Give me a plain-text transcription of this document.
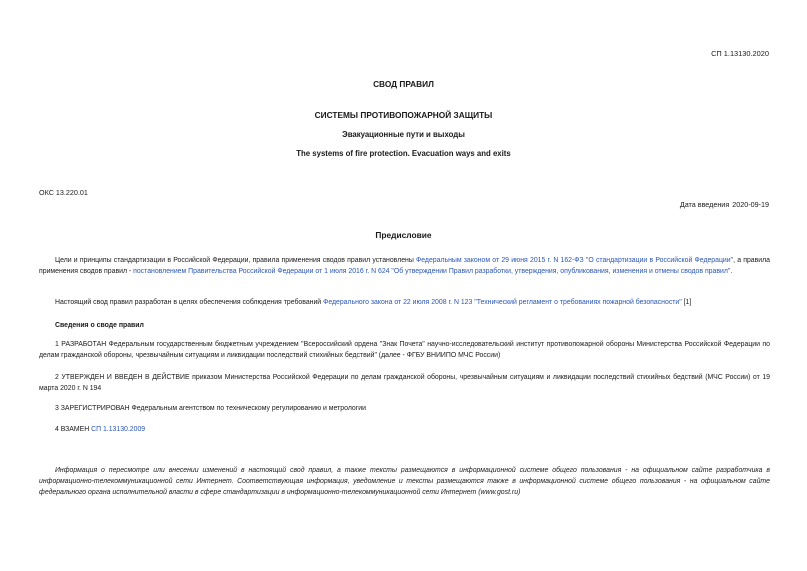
СП 1.13130.2020
СВОД ПРАВИЛ
СИСТЕМЫ ПРОТИВОПОЖАРНОЙ ЗАЩИТЫ
Эвакуационные пути и выходы
The systems of fire protection. Evacuation ways and exits
ОКС 13.220.01
Дата введения 2020-09-19
Предисловие
Цели и принципы стандартизации в Российской Федерации, правила применения сводов правил установлены Федеральным законом от 29 июня 2015 г. N 162-ФЗ "О стандартизации в Российской Федерации", а правила применения сводов правил - постановлением Правительства Российской Федерации от 1 июля 2016 г. N 624 "Об утверждении Правил разработки, утверждения, опубликования, изменения и отмены сводов правил".
Настоящий свод правил разработан в целях обеспечения соблюдения требований Федерального закона от 22 июля 2008 г. N 123 "Технический регламент о требованиях пожарной безопасности" [1]
Сведения о своде правил
1 РАЗРАБОТАН Федеральным государственным бюджетным учреждением "Всероссийский ордена "Знак Почета" научно-исследовательский институт противопожарной обороны Министерства Российской Федерации по делам гражданской обороны, чрезвычайным ситуациям и ликвидации последствий стихийных бедствий" (далее - ФГБУ ВНИИПО МЧС России)
2 УТВЕРЖДЕН И ВВЕДЕН В ДЕЙСТВИЕ приказом Министерства Российской Федерации по делам гражданской обороны, чрезвычайным ситуациям и ликвидации последствий стихийных бедствий (МЧС России) от 19 марта 2020 г. N 194
3 ЗАРЕГИСТРИРОВАН Федеральным агентством по техническому регулированию и метрологии
4 ВЗАМЕН СП 1.13130.2009
Информация о пересмотре или внесении изменений в настоящий свод правил, а также тексты размещаются в информационной системе общего пользования - на официальном сайте разработчика в информационно-телекоммуникационной сети Интернет. Соответствующая информация, уведомление и тексты размещаются также в информационной системе общего пользования - на официальном сайте федерального органа исполнительной власти в сфере стандартизации в информационно-телекоммуникационной сети Интернет (www.gost.ru)
